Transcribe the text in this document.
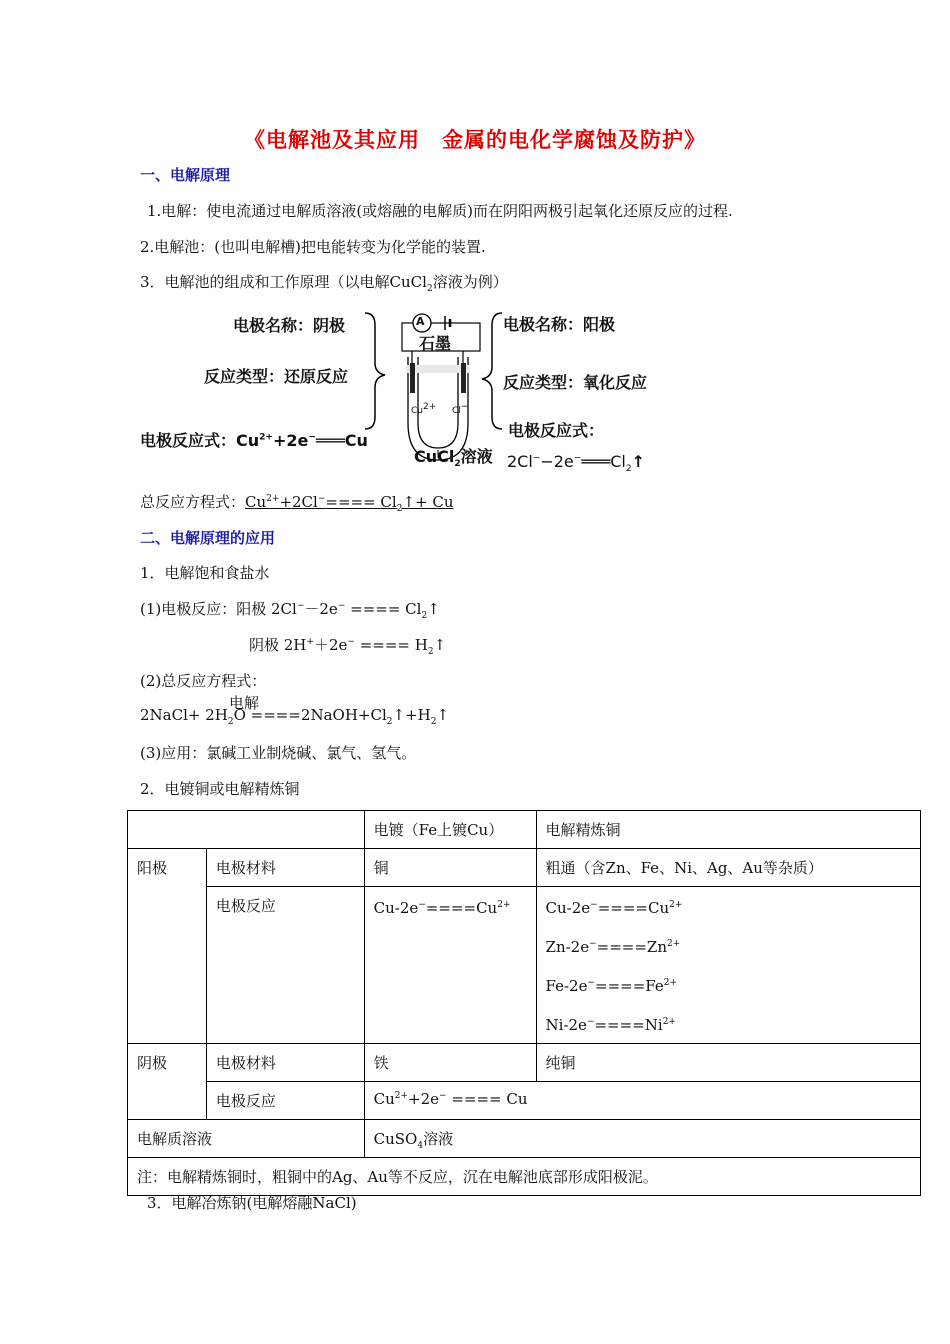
《电解池及其应用　金属的电化学腐蚀及防护》
一、电解原理
1.电解：使电流通过电解质溶液(或熔融的电解质)而在阴阳两极引起氧化还原反应的过程.
2.电解池：(也叫电解槽)把电能转变为化学能的装置.
3．电解池的组成和工作原理（以电解CuCl$_2$溶液为例）
电极名称：阴极
反应类型：还原反应
电极反应式：$Cu^{2+}+2e^-═══Cu$
电极名称：阳极
反应类型：氧化反应
电极反应式：
$2Cl^--2e^-═══Cl_2↑$
A
石墨
$Cu^{2+}$ Cl−
CuCl$_2$溶液
总反应方程式：$Cu^{2+}+2Cl^-====$ $Cl_2↑+ Cu$
二、电解原理的应用
1．电解饱和食盐水
(1)电极反应：阳极 2Cl−－2e− ==== $Cl_2↑$
阴极 2H+＋2e− ==== $H_2↑$
(2)总反应方程式：
电解
2NaCl+ $2H_2O$ $====2NaOH+Cl_2↑+H_2↑$
(3)应用：氯碱工业制烧碱、氯气、氢气。
2．电镀铜或电解精炼铜
		电镀（Fe上镀Cu）	电解精炼铜
阳极	电极材料	铜	粗通（含Zn、Fe、Ni、Ag、Au等杂质）
	电极反应	$Cu-2e^-====Cu^{2+}$	$Cu-2e^-====Cu^{2+}$
$Zn-2e^-====Zn^{2+}$
$Fe-2e^-====Fe^{2+}$
$Ni-2e^-====Ni^{2+}$

阴极	电极材料	铁	纯铜
	电极反应	$Cu^{2+}+2e^-$ ==== Cu	
电解质溶液		CuSO$_4$溶液	
注：电解精炼铜时，粗铜中的Ag、Au等不反应，沉在电解池底部形成阳极泥。			
3．电解冶炼钠(电解熔融NaCl)
